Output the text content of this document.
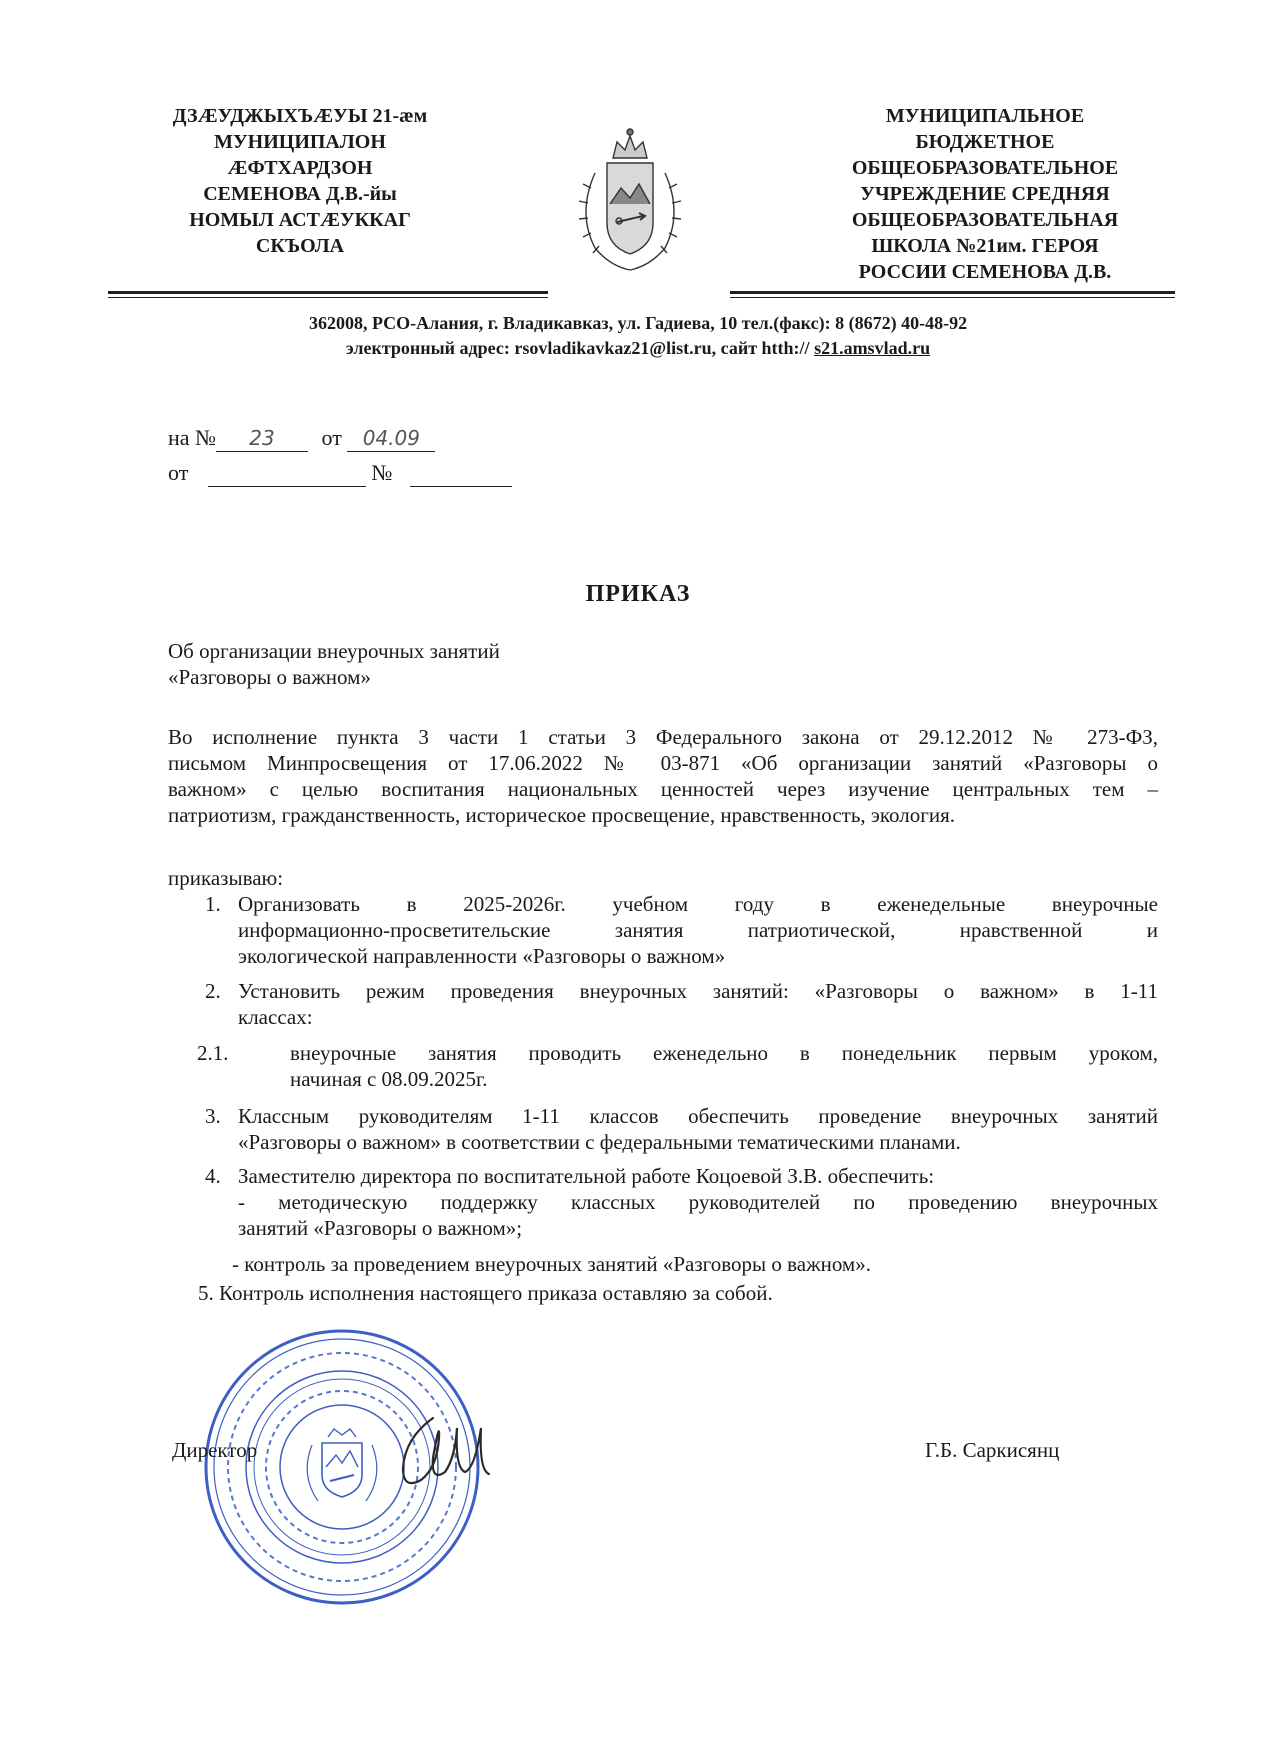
ДЗÆУДЖЫХЪÆУЫ 21-æм
МУНИЦИПАЛОН
ÆФТХАРДЗОН
СЕМЕНОВА Д.В.-йы
НОМЫЛ АСТÆУККАГ
СКЪОЛА
МУНИЦИПАЛЬНОЕ
БЮДЖЕТНОЕ
ОБЩЕОБРАЗОВАТЕЛЬНОЕ
УЧРЕЖДЕНИЕ СРЕДНЯЯ
ОБЩЕОБРАЗОВАТЕЛЬНАЯ
ШКОЛА №21им. ГЕРОЯ
РОССИИ СЕМЕНОВА Д.В.
362008, РСО-Алания, г. Владикавказ, ул. Гадиева, 10 тел.(факс): 8 (8672) 40-48-92
электронный адрес: rsovladikavkaz21@list.ru, сайт htth:// s21.amsvlad.ru
на № 23 от 04.09
от	№
ПРИКАЗ
Об организации внеурочных занятий
«Разговоры о важном»
Во исполнение пункта 3 части 1 статьи 3 Федерального закона от 29.12.2012 № 273-ФЗ,
письмом Минпросвещения от 17.06.2022 № 03-871 «Об организации занятий «Разговоры о
важном» с целью воспитания национальных ценностей через изучение центральных тем –
патриотизм, гражданственность, историческое просвещение, нравственность, экология.
приказываю:
1. Организовать в 2025-2026г. учебном году в еженедельные внеурочные
информационно-просветительские занятия патриотической, нравственной и
экологической направленности «Разговоры о важном»
2. Установить режим проведения внеурочных занятий: «Разговоры о важном» в 1-11
классах:
2.1.	внеурочные занятия проводить еженедельно в понедельник первым уроком,
начиная с 08.09.2025г.
3. Классным руководителям 1-11 классов обеспечить проведение внеурочных занятий
«Разговоры о важном» в соответствии с федеральными тематическими планами.
4. Заместителю директора по воспитательной работе Коцоевой З.В. обеспечить:
- методическую поддержку классных руководителей по проведению внеурочных
занятий «Разговоры о важном»;
- контроль за проведением внеурочных занятий «Разговоры о важном».
5. Контроль исполнения настоящего приказа оставляю за собой.
Директор	Г.Б. Саркисянц
